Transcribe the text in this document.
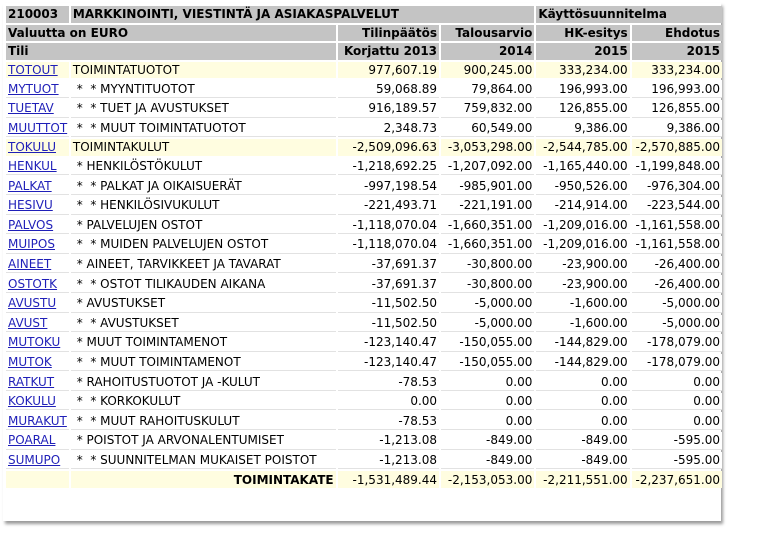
210003	MARKKINOINTI, VIESTINTÄ JA ASIAKASPALVELUT			Käyttösuunnitelma	
Valuutta on EURO		Tilinpäätös	Talousarvio	HK-esitys	Ehdotus
Tili		Korjattu 2013	2014	2015	2015
TOTOUT	TOIMINTATUOTOT	977,607.19	900,245.00	333,234.00	333,234.00
MYTUOT	*  * MYYNTITUOTOT	59,068.89	79,864.00	196,993.00	196,993.00
TUETAV	*  * TUET JA AVUSTUKSET	916,189.57	759,832.00	126,855.00	126,855.00
MUUTTOT	*  * MUUT TOIMINTATUOTOT	2,348.73	60,549.00	9,386.00	9,386.00
TOKULU	TOIMINTAKULUT	-2,509,096.63	-3,053,298.00	-2,544,785.00	-2,570,885.00
HENKUL	* HENKILÖSTÖKULUT	-1,218,692.25	-1,207,092.00	-1,165,440.00	-1,199,848.00
PALKAT	*  * PALKAT JA OIKAISUERÄT	-997,198.54	-985,901.00	-950,526.00	-976,304.00
HESIVU	*  * HENKILÖSIVUKULUT	-221,493.71	-221,191.00	-214,914.00	-223,544.00
PALVOS	* PALVELUJEN OSTOT	-1,118,070.04	-1,660,351.00	-1,209,016.00	-1,161,558.00
MUIPOS	*  * MUIDEN PALVELUJEN OSTOT	-1,118,070.04	-1,660,351.00	-1,209,016.00	-1,161,558.00
AINEET	* AINEET, TARVIKKEET JA TAVARAT	-37,691.37	-30,800.00	-23,900.00	-26,400.00
OSTOTK	*  * OSTOT TILIKAUDEN AIKANA	-37,691.37	-30,800.00	-23,900.00	-26,400.00
AVUSTU	* AVUSTUKSET	-11,502.50	-5,000.00	-1,600.00	-5,000.00
AVUST	*  * AVUSTUKSET	-11,502.50	-5,000.00	-1,600.00	-5,000.00
MUTOKU	* MUUT TOIMINTAMENOT	-123,140.47	-150,055.00	-144,829.00	-178,079.00
MUTOK	*  * MUUT TOIMINTAMENOT	-123,140.47	-150,055.00	-144,829.00	-178,079.00
RATKUT	* RAHOITUSTUOTOT JA -KULUT	-78.53	0.00	0.00	0.00
KOKULU	*  * KORKOKULUT	0.00	0.00	0.00	0.00
MURAKUT	*  * MUUT RAHOITUSKULUT	-78.53	0.00	0.00	0.00
POARAL	* POISTOT JA ARVONALENTUMISET	-1,213.08	-849.00	-849.00	-595.00
SUMUPO	*  * SUUNNITELMAN MUKAISET POISTOT	-1,213.08	-849.00	-849.00	-595.00
	TOIMINTAKATE	-1,531,489.44	-2,153,053.00	-2,211,551.00	-2,237,651.00
